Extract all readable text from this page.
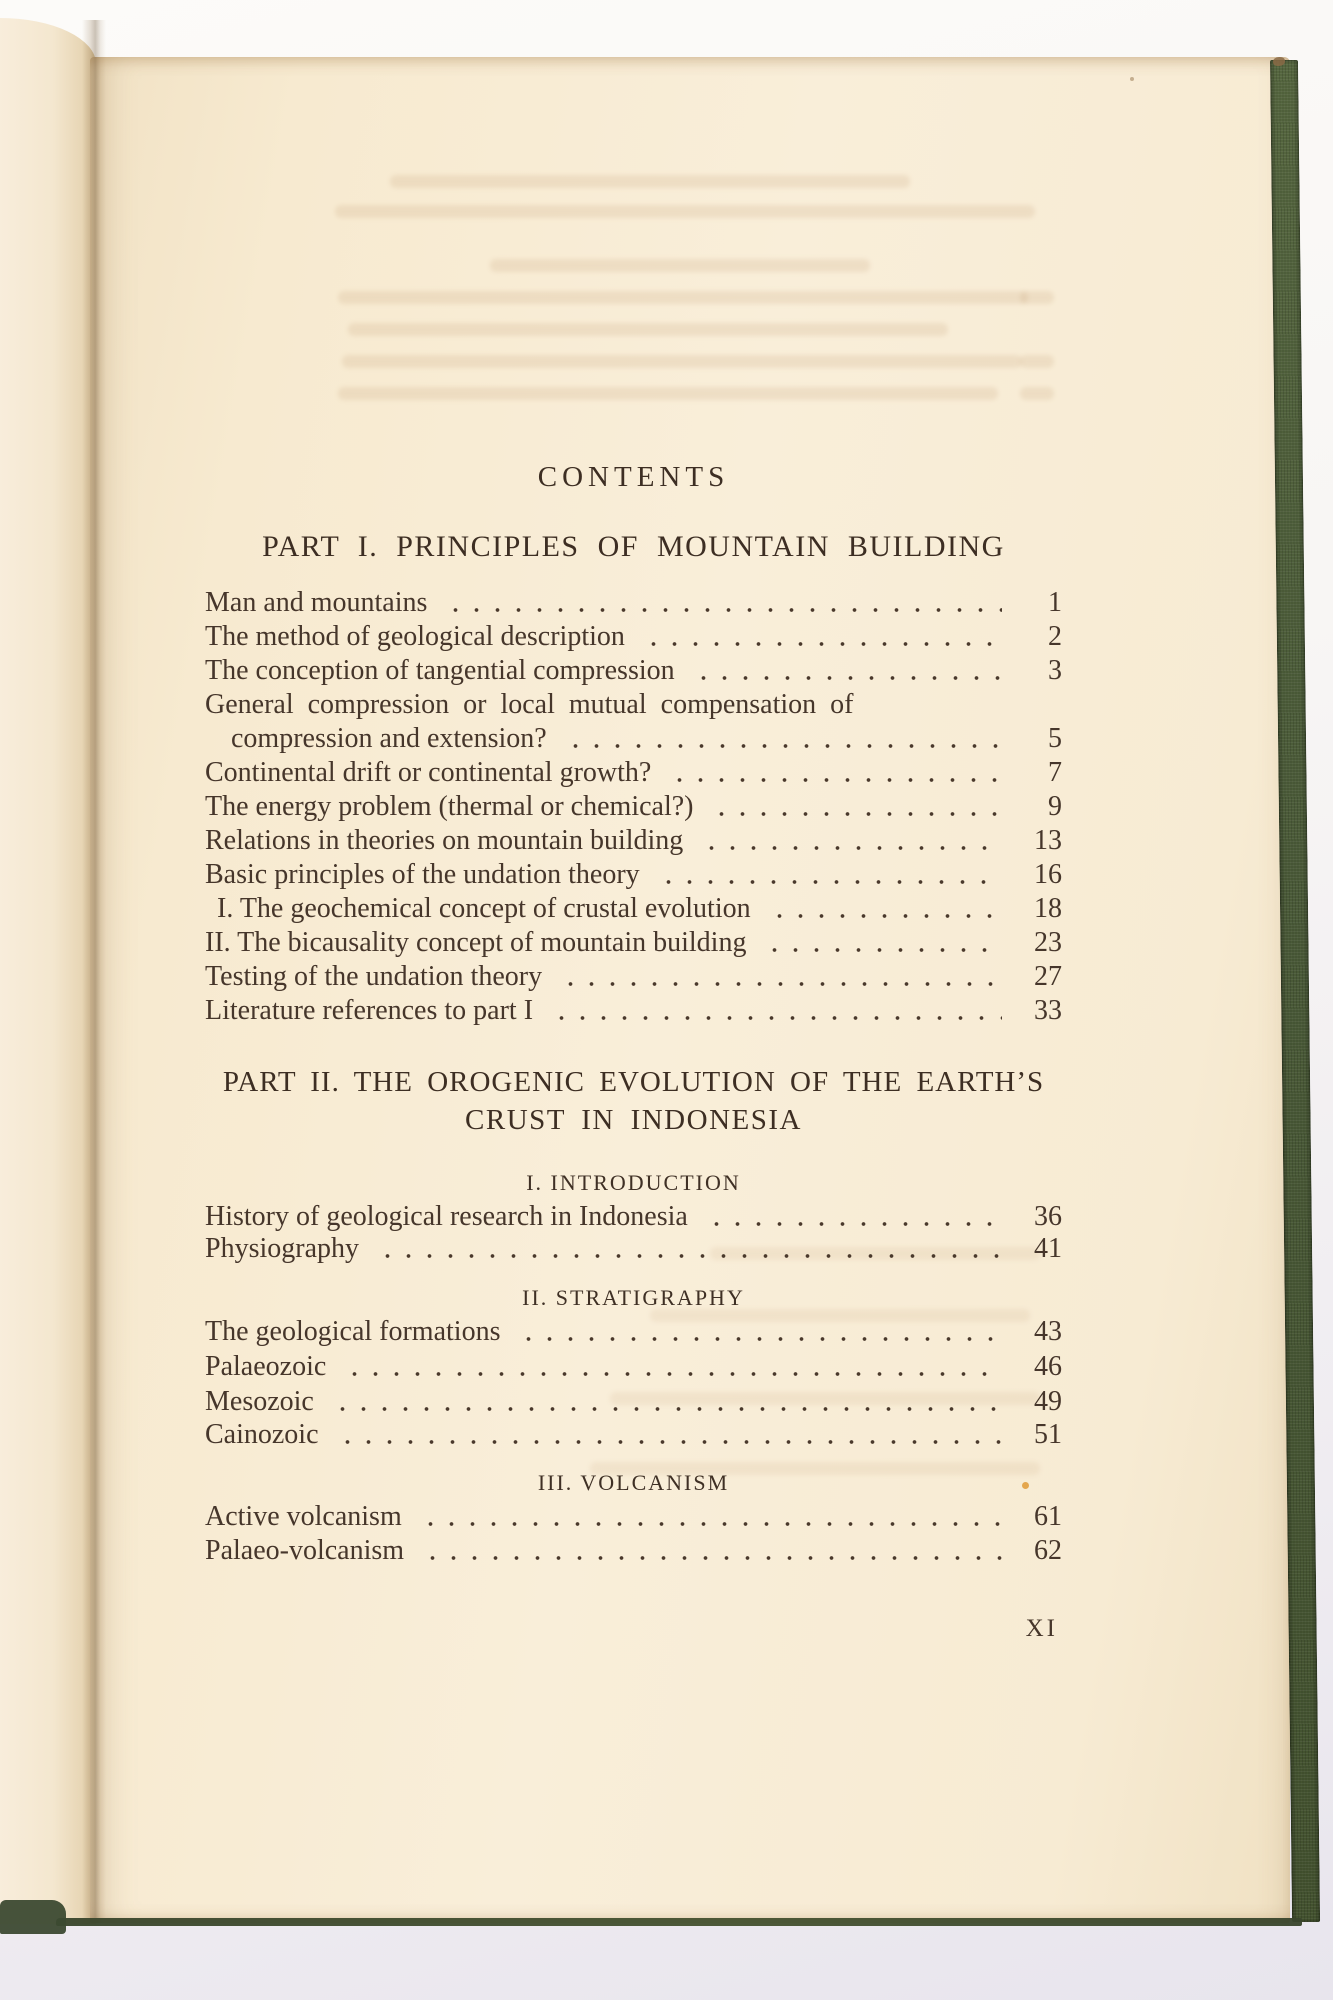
CONTENTS
PART I. PRINCIPLES OF MOUNTAIN BUILDING
Man and mountains	1
The method of geological description	2
The conception of tangential compression	3
General compression or local mutual compensation of
compression and extension?	5
Continental drift or continental growth?	7
The energy problem (thermal or chemical?)	9
Relations in theories on mountain building	13
Basic principles of the undation theory	16
I. The geochemical concept of crustal evolution	18
II. The bicausality concept of mountain building	23
Testing of the undation theory	27
Literature references to part I	33
PART II. THE OROGENIC EVOLUTION OF THE EARTH’S
CRUST IN INDONESIA
I. INTRODUCTION
History of geological research in Indonesia	36
Physiography	41
II. STRATIGRAPHY
The geological formations	43
Palaeozoic	46
Mesozoic	49
Cainozoic	51
III. VOLCANISM
Active volcanism	61
Palaeo-volcanism	62
XI
